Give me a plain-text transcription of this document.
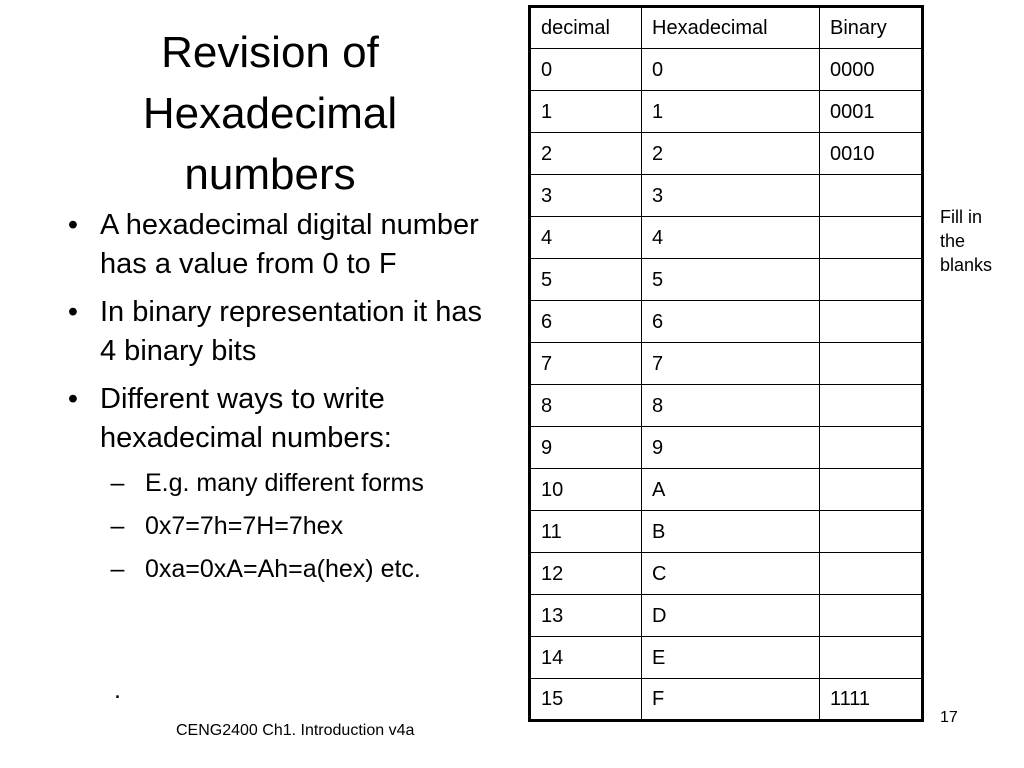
Revision of
Hexadecimal
numbers
• A hexadecimal digital number has a value from 0 to F
• In binary representation it has 4 binary bits
• Different ways to write hexadecimal numbers:
– E.g. many different forms
– 0x7=7h=7H=7hex
– 0xa=0xA=Ah=a(hex) etc.
.
decimal	Hexadecimal	Binary
0	0	0000
1	1	0001
2	2	0010
3	3	
4	4	
5	5	
6	6	
7	7	
8	8	
9	9	
10	A	
11	B	
12	C	
13	D	
14	E	
15	F	1111
Fill in
the
blanks
CENG2400 Ch1. Introduction v4a
17
